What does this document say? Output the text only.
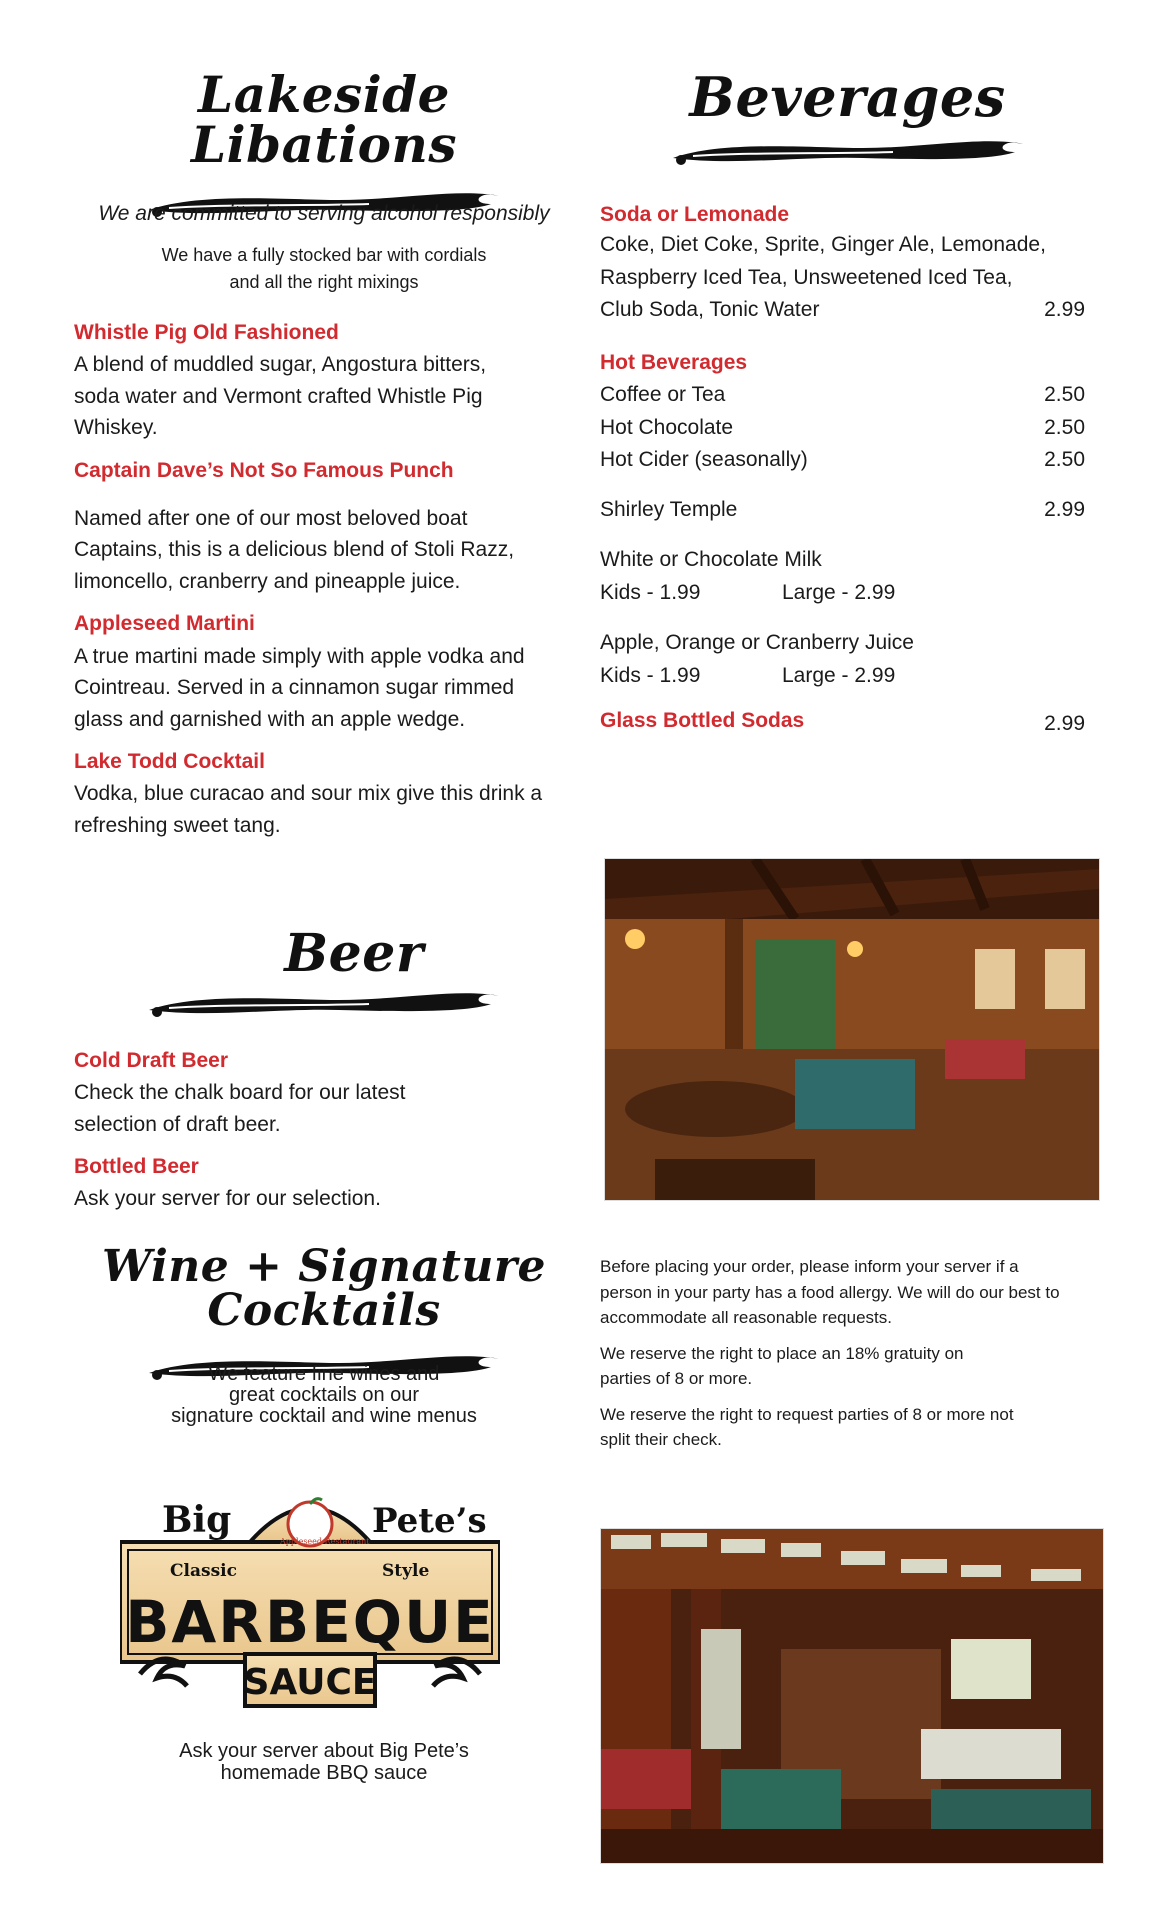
Lakeside Libations
We are committed to serving alcohol responsibly
We have a fully stocked bar with cordials
and all the right mixings
Whistle Pig Old Fashioned
A blend of muddled sugar, Angostura bitters, soda water and Vermont crafted Whistle Pig Whiskey.
Captain Dave’s Not So Famous Punch
Named after one of our most beloved boat Captains, this is a delicious blend of Stoli Razz, limoncello, cranberry and pineapple juice.
Appleseed Martini
A true martini made simply with apple vodka and Cointreau. Served in a cinnamon sugar rimmed glass and garnished with an apple wedge.
Lake Todd Cocktail
Vodka, blue curacao and sour mix give this drink a refreshing sweet tang.
Beer
Cold Draft Beer
Check the chalk board for our latest selection of draft beer.
Bottled Beer
Ask your server for our selection.
Wine + Signature Cocktails
We feature fine wines and
great cocktails on our
signature cocktail and wine menus
Big	Pete’s
Appleseed Restaurant
Classic	Style
BARBEQUE
SAUCE
Ask your server about Big Pete’s
homemade BBQ sauce
Beverages
Soda or Lemonade
Coke, Diet Coke, Sprite, Ginger Ale, Lemonade,
Raspberry Iced Tea, Unsweetened Iced Tea,
Club Soda, Tonic Water	2.99
Hot Beverages
Coffee or Tea	2.50
Hot Chocolate	2.50
Hot Cider (seasonally)	2.50
Shirley Temple	2.99
White or Chocolate Milk
Kids - 1.99	Large - 2.99
Apple, Orange or Cranberry Juice
Kids - 1.99	Large - 2.99
Glass Bottled Sodas	2.99
Before placing your order, please inform your server if a person in your party has a food allergy. We will do our best to accommodate all reasonable requests.
We reserve the right to place an 18% gratuity on parties of 8 or more.
We reserve the right to request parties of 8 or more not split their check.
